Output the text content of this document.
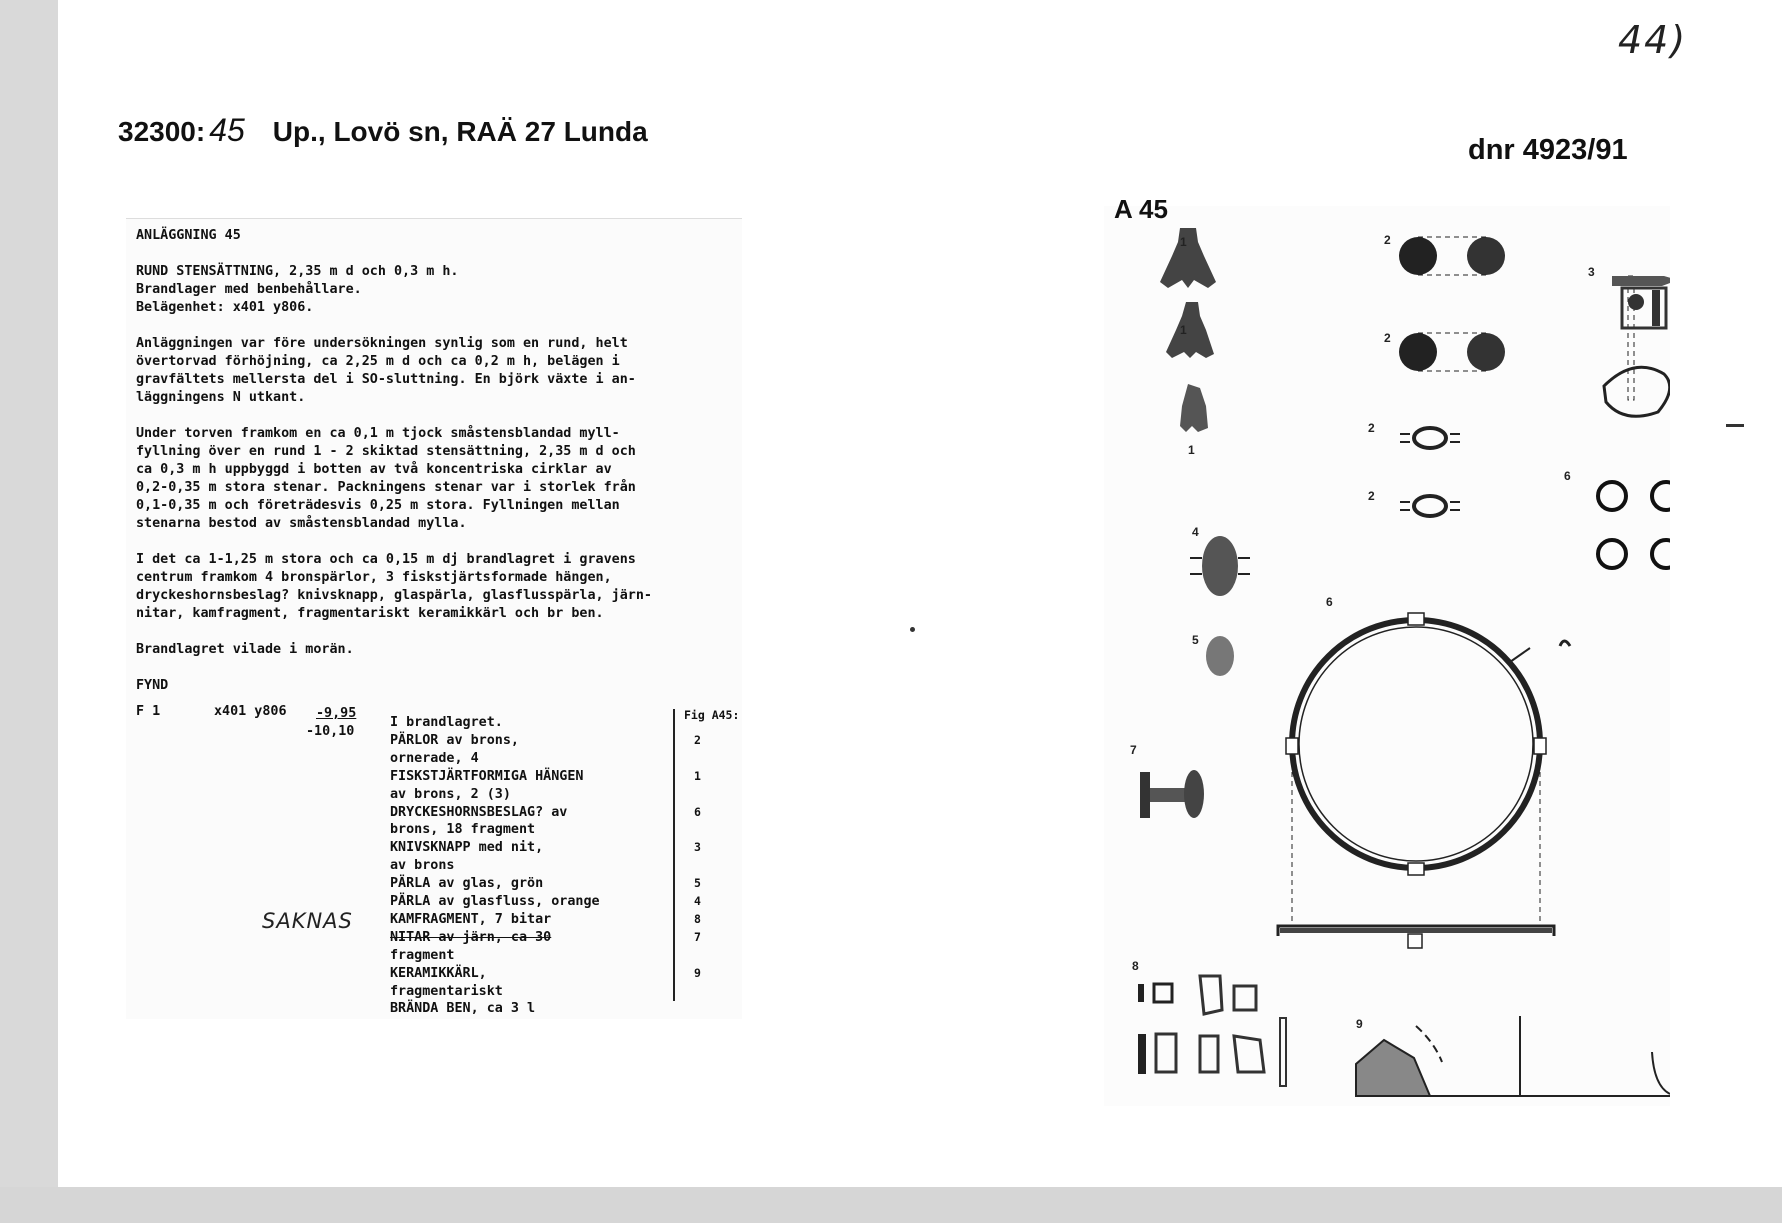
44)
32300: 45 Up., Lovö sn, RAÄ 27 Lunda
dnr 4923/91
ANLÄGGNING 45
RUND STENSÄTTNING, 2,35 m d och 0,3 m h.
Brandlager med benbehållare.
Belägenhet: x401 y806.
Anläggningen var före undersökningen synlig som en rund, helt
övertorvad förhöjning, ca 2,25 m d och ca 0,2 m h, belägen i
gravfältets mellersta del i SO-sluttning. En björk växte i an-
läggningens N utkant.
Under torven framkom en ca 0,1 m tjock småstensblandad myll-
fyllning över en rund 1 - 2 skiktad stensättning, 2,35 m d och
ca 0,3 m h uppbyggd i botten av två koncentriska cirklar av
0,2-0,35 m stora stenar. Packningens stenar var i storlek från
0,1-0,35 m och företrädesvis 0,25 m stora. Fyllningen mellan
stenarna bestod av småstensblandad mylla.
I det ca 1-1,25 m stora och ca 0,15 m dj brandlagret i gravens
centrum framkom 4 bronspärlor, 3 fiskstjärtsformade hängen,
dryckeshornsbeslag? knivsknapp, glaspärla, glasflusspärla, järn-
nitar, kamfragment, fragmentariskt keramikkärl och br ben.
Brandlagret vilade i morän.
FYND
F 1	x401 y806 -9,95
-10,10
Fig A45:
I brandlagret.
PÄRLOR av brons,	2
ornerade, 4
FISKSTJÄRTFORMIGA HÄNGEN	1
av brons, 2 (3)
DRYCKESHORNSBESLAG? av	6
brons, 18 fragment
KNIVSKNAPP med nit,	3
av brons
PÄRLA av glas, grön	5
PÄRLA av glasfluss, orange	4
KAMFRAGMENT, 7 bitar	8
NITAR av järn, ca 30	7
fragment
KERAMIKKÄRL,	9
fragmentariskt
BRÄNDA BEN, ca 3 l
SAKNAS
A 45
1
1
1
4
5
7
2
2
2
2
3
6
6
8
9
